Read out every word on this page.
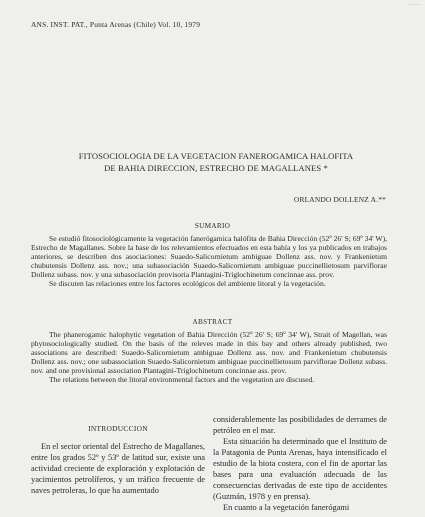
——
ANS. INST. PAT., Punta Arenas (Chile) Vol. 10, 1979
FITOSOCIOLOGIA DE LA VEGETACION FANEROGAMICA HALOFITA
DE BAHIA DIRECCION, ESTRECHO DE MAGALLANES *
ORLANDO DOLLENZ A.**
SUMARIO

Se estudió fitosociológicamente la vegetación fanerógamica halófita de Bahia Dirección (52º 26' S; 69º 34' W), Estrecho de Magallanes. Sobre la base de los relevamientos efectuados en esta bahía y los ya publicados en trabajos anteriores, se describen dos asociaciones: Suaedo-Salicornietum ambiguae Dollenz ass. nov. y Frankenietum chubutensis Dollenz ass. nov.; una subasociación Suaedo-Salicornietum ambiguae puccinellietosum parviflorae Dollenz subass. nov. y una subasociación provisoria Plantagini-Triglochinetum concinnae ass. prov.

Se discuten las relaciones entre los factores ecológicos del ambiente litoral y la vegetación.

ABSTRACT

The phanerogamic halophytic vegetation of Bahia Dirección (52º 26' S; 69º 34' W), Strait of Magellan, was phytosociologically studied. On the basis of the releves made in this bay and others already published, two associations are described: Suaedo-Salicornietum ambiguae Dollenz ass. nov. and Frankenietum chubutensis Dollenz ass. nov.; one subassociation Suaedo-Salicornietum ambiguae puccinellietosum parviflorae Dollenz subass. nov. and one provisional association Plantagini-Triglochinetum concinnae ass. prov.

The relations between the litoral environmental factors and the vegetation are discused.

INTRODUCCION

En el sector oriental del Estrecho de Magallanes, entre los grados 52º y 53º de latitud sur, existe una actividad creciente de exploración y explotación de yacimientos petrolíferos, y un tráfico frecuente de naves petroleras, lo que ha aumentado

considerablemente las posibilidades de derrames de petróleo en el mar.

Esta situación ha determinado que el Instituto de la Patagonia de Punta Arenas, haya intensificado el estudio de la biota costera, con el fin de aportar las bases para una evaluación adecuada de las consecuencias derivadas de este tipo de accidentes (Guzmán, 1978 y en prensa).

En cuanto a la vegetación fanerógami
